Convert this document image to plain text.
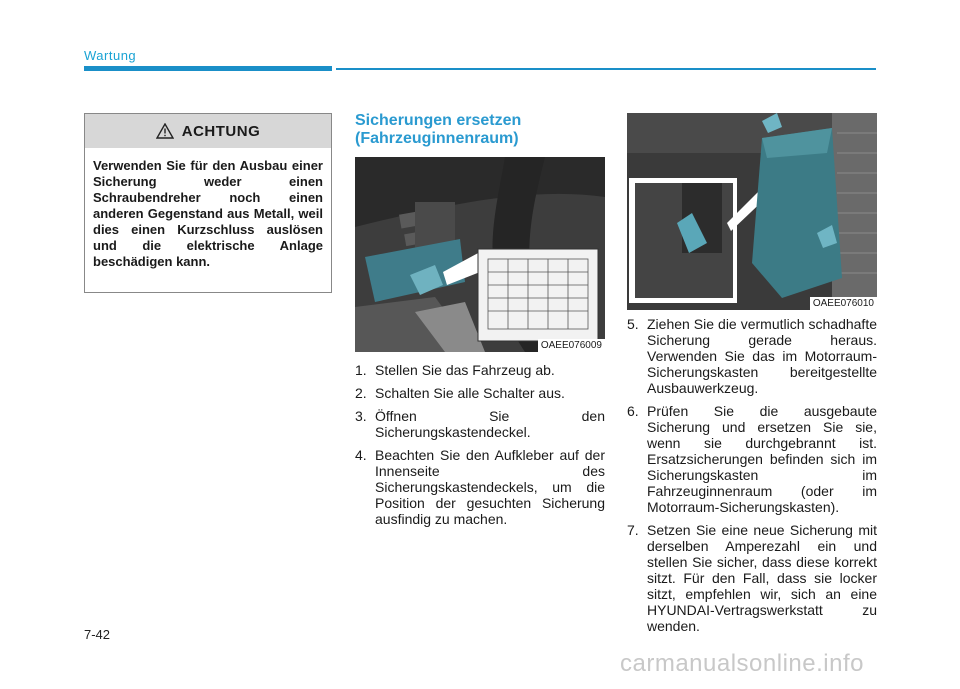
Wartung
ACHTUNG
Verwenden Sie für den Ausbau einer Sicherung weder einen Schraubendreher noch einen anderen Gegenstand aus Metall, weil dies einen Kurzschluss auslösen und die elektrische Anlage beschädigen kann.
Sicherungen ersetzen
(Fahrzeuginnenraum)
OAEE076009
OAEE076010
1. Stellen Sie das Fahrzeug ab.
2. Schalten Sie alle Schalter aus.
3. Öffnen Sie den Sicherungskastendeckel.
4. Beachten Sie den Aufkleber auf der Innenseite des Sicherungskastendeckels, um die Position der gesuchten Sicherung ausfindig zu machen.
5. Ziehen Sie die vermutlich schadhafte Sicherung gerade heraus. Verwenden Sie das im Motorraum-Sicherungskasten bereitgestellte Ausbauwerkzeug.
6. Prüfen Sie die ausgebaute Sicherung und ersetzen Sie sie, wenn sie durchgebrannt ist. Ersatzsicherungen befinden sich im Sicherungskasten im Fahrzeuginnenraum (oder im Motorraum-Sicherungskasten).
7. Setzen Sie eine neue Sicherung mit derselben Amperezahl ein und stellen Sie sicher, dass diese korrekt sitzt. Für den Fall, dass sie locker sitzt, empfehlen wir, sich an eine HYUNDAI-Vertragswerkstatt zu wenden.
7-42
carmanualsonline.info
